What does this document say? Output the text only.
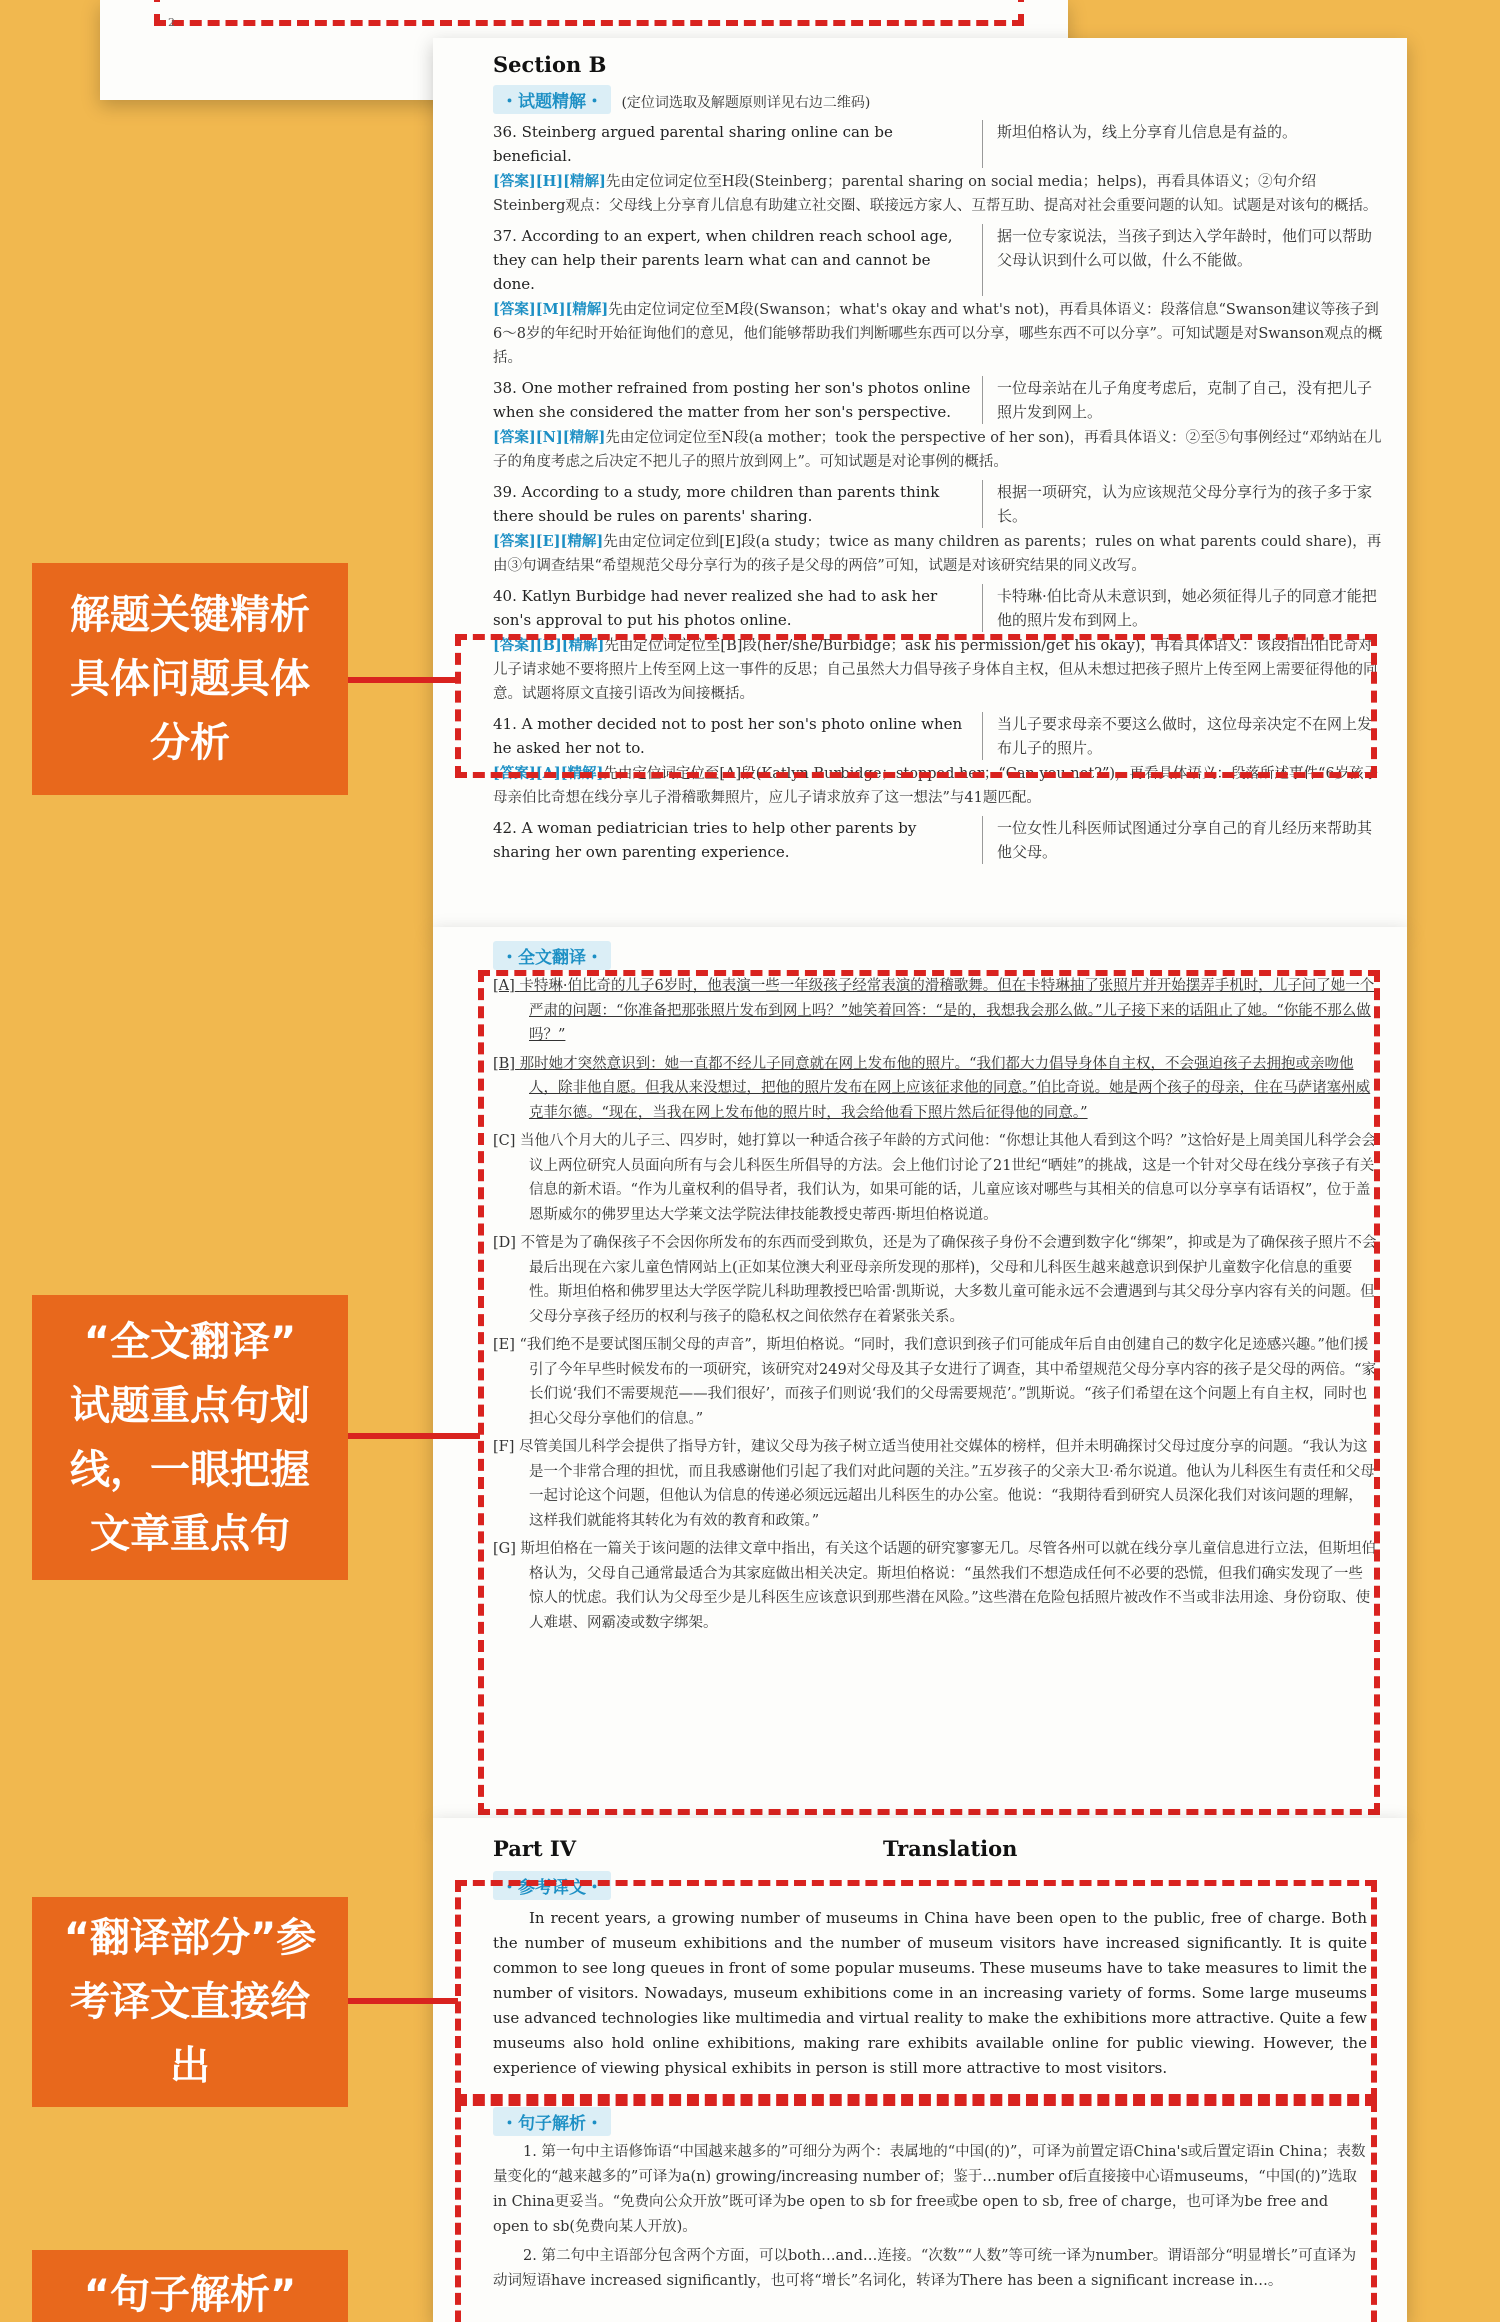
2
Section B
・试题精解・ (定位词选取及解题原则详见右边二维码)
36. Steinberg argued parental sharing online can be beneficial.
斯坦伯格认为，线上分享育儿信息是有益的。
[答案][H][精解]先由定位词定位至H段(Steinberg；parental sharing on social media；helps)，再看具体语义；②句介绍Steinberg观点：父母线上分享育儿信息有助建立社交圈、联接远方家人、互帮互助、提高对社会重要问题的认知。试题是对该句的概括。
37. According to an expert, when children reach school age, they can help their parents learn what can and cannot be done.
据一位专家说法，当孩子到达入学年龄时，他们可以帮助父母认识到什么可以做，什么不能做。
[答案][M][精解]先由定位词定位至M段(Swanson；what's okay and what's not)，再看具体语义：段落信息“Swanson建议等孩子到6～8岁的年纪时开始征询他们的意见，他们能够帮助我们判断哪些东西可以分享，哪些东西不可以分享”。可知试题是对Swanson观点的概括。
38. One mother refrained from posting her son's photos online when she considered the matter from her son's perspective.
一位母亲站在儿子角度考虑后，克制了自己，没有把儿子照片发到网上。
[答案][N][精解]先由定位词定位至N段(a mother；took the perspective of her son)，再看具体语义：②至⑤句事例经过“邓纳站在儿子的角度考虑之后决定不把儿子的照片放到网上”。可知试题是对论事例的概括。
39. According to a study, more children than parents think there should be rules on parents' sharing.
根据一项研究，认为应该规范父母分享行为的孩子多于家长。
[答案][E][精解]先由定位词定位到[E]段(a study；twice as many children as parents；rules on what parents could share)，再由③句调查结果“希望规范父母分享行为的孩子是父母的两倍”可知，试题是对该研究结果的同义改写。
40. Katlyn Burbidge had never realized she had to ask her son's approval to put his photos online.
卡特琳·伯比奇从未意识到，她必须征得儿子的同意才能把他的照片发布到网上。
[答案][B][精解]先由定位词定位至[B]段(her/she/Burbidge；ask his permission/get his okay)，再看具体语义：该段指出伯比奇对儿子请求她不要将照片上传至网上这一事件的反思；自己虽然大力倡导孩子身体自主权，但从未想过把孩子照片上传至网上需要征得他的同意。试题将原文直接引语改为间接概括。
41. A mother decided not to post her son's photo online when he asked her not to.
当儿子要求母亲不要这么做时，这位母亲决定不在网上发布儿子的照片。
[答案][A][精解]先由定位词定位至[A]段(Katlyn Burbidge；stopped her；“Can you not?”)，再看具体语义：段落所述事件“6岁孩子母亲伯比奇想在线分享儿子滑稽歌舞照片，应儿子请求放弃了这一想法”与41题匹配。
42. A woman pediatrician tries to help other parents by sharing her own parenting experience.
一位女性儿科医师试图通过分享自己的育儿经历来帮助其他父母。
・全文翻译・
[A] 卡特琳·伯比奇的儿子6岁时，他表演一些一年级孩子经常表演的滑稽歌舞。但在卡特琳抽了张照片并开始摆弄手机时，儿子问了她一个严肃的问题：“你准备把那张照片发布到网上吗？”她笑着回答：“是的，我想我会那么做。”儿子接下来的话阻止了她。“你能不那么做吗？”
[B] 那时她才突然意识到：她一直都不经儿子同意就在网上发布他的照片。“我们都大力倡导身体自主权，不会强迫孩子去拥抱或亲吻他人，除非他自愿。但我从来没想过，把他的照片发布在网上应该征求他的同意。”伯比奇说。她是两个孩子的母亲，住在马萨诸塞州威克菲尔德。“现在，当我在网上发布他的照片时，我会给他看下照片然后征得他的同意。”
[C] 当他八个月大的儿子三、四岁时，她打算以一种适合孩子年龄的方式问他：“你想让其他人看到这个吗？”这恰好是上周美国儿科学会会议上两位研究人员面向所有与会儿科医生所倡导的方法。会上他们讨论了21世纪“晒娃”的挑战，这是一个针对父母在线分享孩子有关信息的新术语。“作为儿童权利的倡导者，我们认为，如果可能的话，儿童应该对哪些与其相关的信息可以分享享有话语权”，位于盖恩斯威尔的佛罗里达大学莱文法学院法律技能教授史蒂西·斯坦伯格说道。
[D] 不管是为了确保孩子不会因你所发布的东西而受到欺负，还是为了确保孩子身份不会遭到数字化“绑架”，抑或是为了确保孩子照片不会最后出现在六家儿童色情网站上(正如某位澳大利亚母亲所发现的那样)，父母和儿科医生越来越意识到保护儿童数字化信息的重要性。斯坦伯格和佛罗里达大学医学院儿科助理教授巴哈雷·凯斯说，大多数儿童可能永远不会遭遇到与其父母分享内容有关的问题。但父母分享孩子经历的权利与孩子的隐私权之间依然存在着紧张关系。
[E] “我们绝不是要试图压制父母的声音”，斯坦伯格说。“同时，我们意识到孩子们可能成年后自由创建自己的数字化足迹感兴趣。”他们援引了今年早些时候发布的一项研究，该研究对249对父母及其子女进行了调查，其中希望规范父母分享内容的孩子是父母的两倍。“家长们说‘我们不需要规范——我们很好’，而孩子们则说‘我们的父母需要规范’。”凯斯说。“孩子们希望在这个问题上有自主权，同时也担心父母分享他们的信息。”
[F] 尽管美国儿科学会提供了指导方针，建议父母为孩子树立适当使用社交媒体的榜样，但并未明确探讨父母过度分享的问题。“我认为这是一个非常合理的担忧，而且我感谢他们引起了我们对此问题的关注。”五岁孩子的父亲大卫·希尔说道。他认为儿科医生有责任和父母一起讨论这个问题，但他认为信息的传递必须远远超出儿科医生的办公室。他说：“我期待看到研究人员深化我们对该问题的理解，这样我们就能将其转化为有效的教育和政策。”
[G] 斯坦伯格在一篇关于该问题的法律文章中指出，有关这个话题的研究寥寥无几。尽管各州可以就在线分享儿童信息进行立法，但斯坦伯格认为，父母自己通常最适合为其家庭做出相关决定。斯坦伯格说：“虽然我们不想造成任何不必要的恐慌，但我们确实发现了一些惊人的忧虑。我们认为父母至少是儿科医生应该意识到那些潜在风险。”这些潜在危险包括照片被改作不当或非法用途、身份窃取、使人难堪、网霸凌或数字绑架。
Part IV	Translation
・参考译文・

In recent years, a growing number of museums in China have been open to the public, free of charge. Both the number of museum exhibitions and the number of museum visitors have increased significantly. It is quite common to see long queues in front of some popular museums. These museums have to take measures to limit the number of visitors. Nowadays, museum exhibitions come in an increasing variety of forms. Some large museums use advanced technologies like multimedia and virtual reality to make the exhibitions more attractive. Quite a few museums also hold online exhibitions, making rare exhibits available online for public viewing. However, the experience of viewing physical exhibits in person is still more attractive to most visitors.

・句子解析・

1. 第一句中主语修饰语“中国越来越多的”可细分为两个：表属地的“中国(的)”，可译为前置定语China's或后置定语in China；表数量变化的“越来越多的”可译为a(n) growing/increasing number of；鉴于…number of后直接接中心语museums，“中国(的)”选取in China更妥当。“免费向公众开放”既可译为be open to sb for free或be open to sb, free of charge，也可译为be free and open to sb(免费向某人开放)。

2. 第二句中主语部分包含两个方面，可以both…and…连接。“次数”“人数”等可统一译为number。谓语部分“明显增长”可直译为动词短语have increased significantly，也可将“增长”名词化，转译为There has been a significant increase in…。

解题关键精析
具体问题具体
分析
“全文翻译”
试题重点句划
线，一眼把握
文章重点句
“翻译部分”参
考译文直接给
出
“句子解析”
